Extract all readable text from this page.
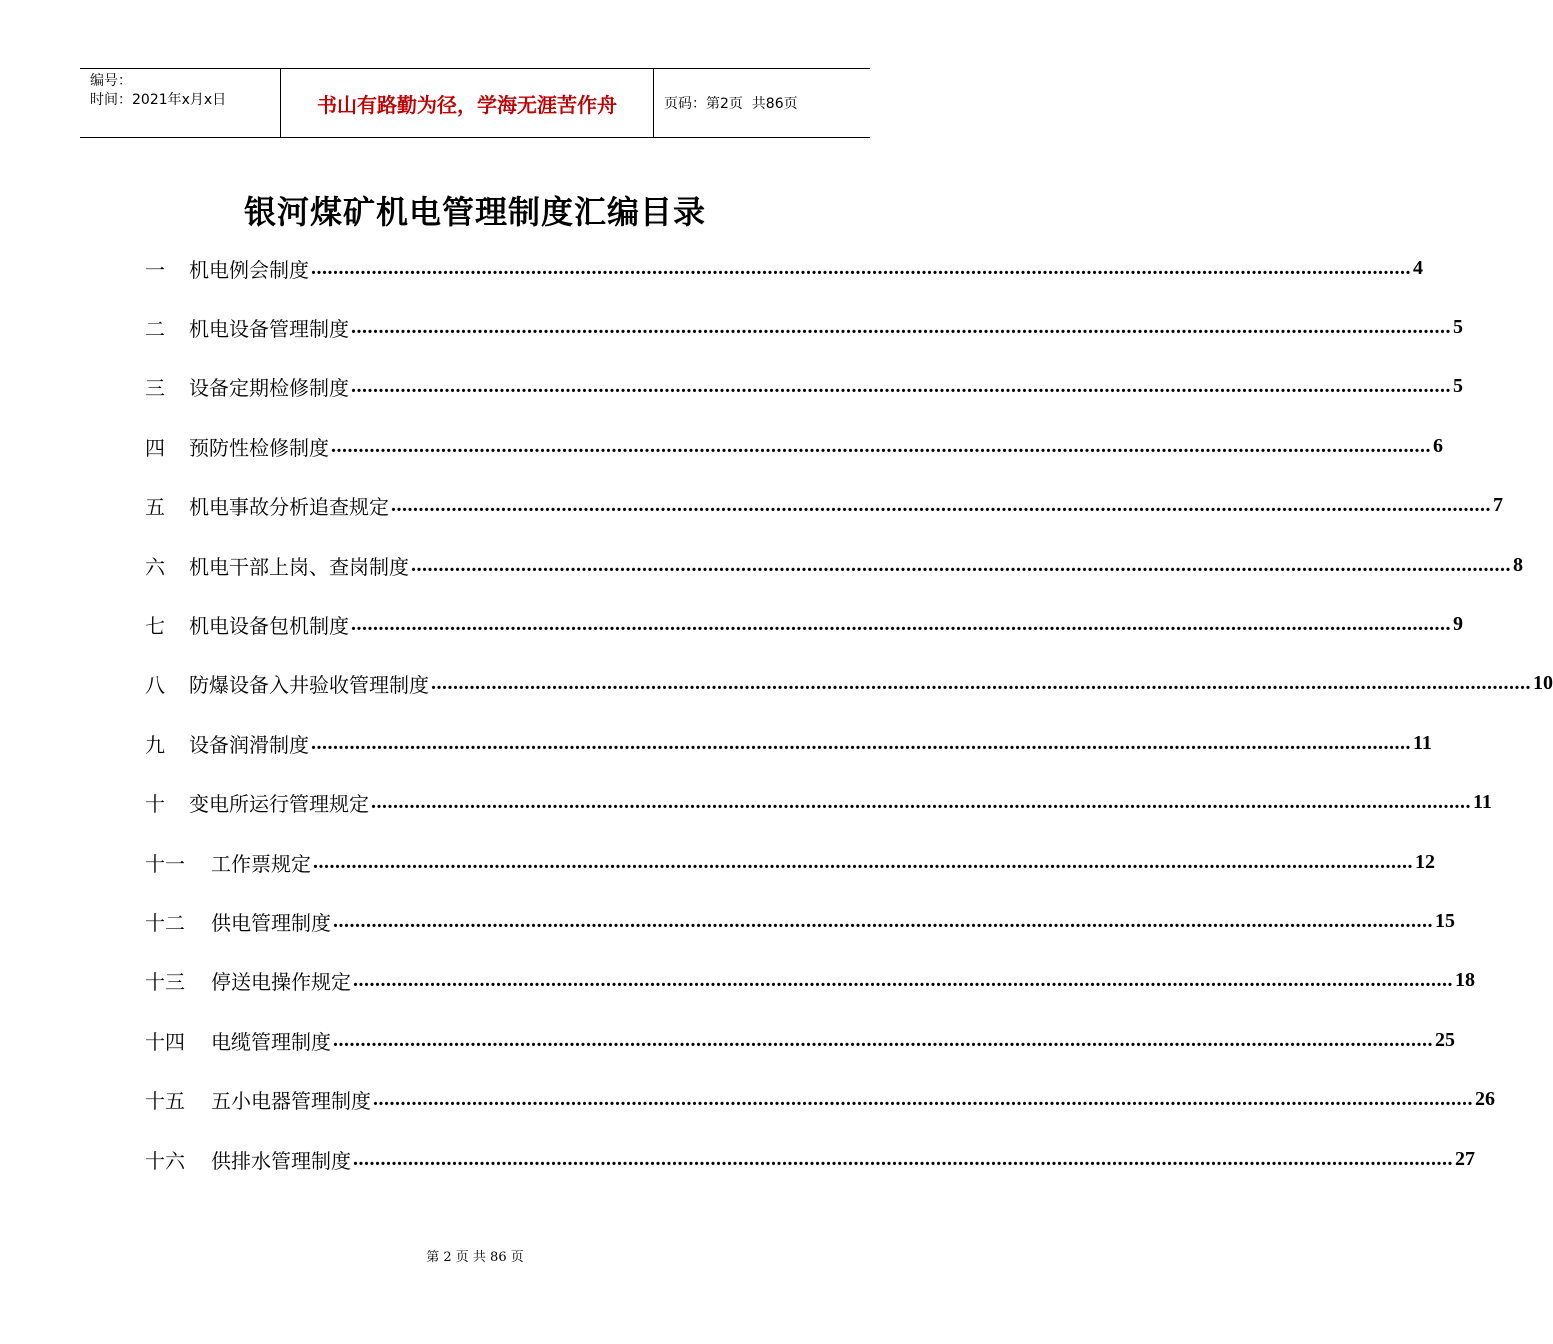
编号：
时间：2021年x月x日	书山有路勤为径，学海无涯苦作舟	页码：第2页  共86页
银河煤矿机电管理制度汇编目录
一	机电例会制度 ........................................................................................................................................................................................................ 4
二	机电设备管理制度 ........................................................................................................................................................................................................ 5
三	设备定期检修制度 ........................................................................................................................................................................................................ 5
四	预防性检修制度 ........................................................................................................................................................................................................ 6
五	机电事故分析追查规定 ........................................................................................................................................................................................................ 7
六	机电干部上岗、查岗制度 ........................................................................................................................................................................................................ 8
七	机电设备包机制度 ........................................................................................................................................................................................................ 9
八	防爆设备入井验收管理制度 ........................................................................................................................................................................................................ 10
九	设备润滑制度 ........................................................................................................................................................................................................ 11
十	变电所运行管理规定 ........................................................................................................................................................................................................ 11
十一	工作票规定 ........................................................................................................................................................................................................ 12
十二	供电管理制度 ........................................................................................................................................................................................................ 15
十三	停送电操作规定 ........................................................................................................................................................................................................ 18
十四	电缆管理制度 ........................................................................................................................................................................................................ 25
十五	五小电器管理制度 ........................................................................................................................................................................................................ 26
十六	供排水管理制度 ........................................................................................................................................................................................................ 27
第 2 页 共 86 页
